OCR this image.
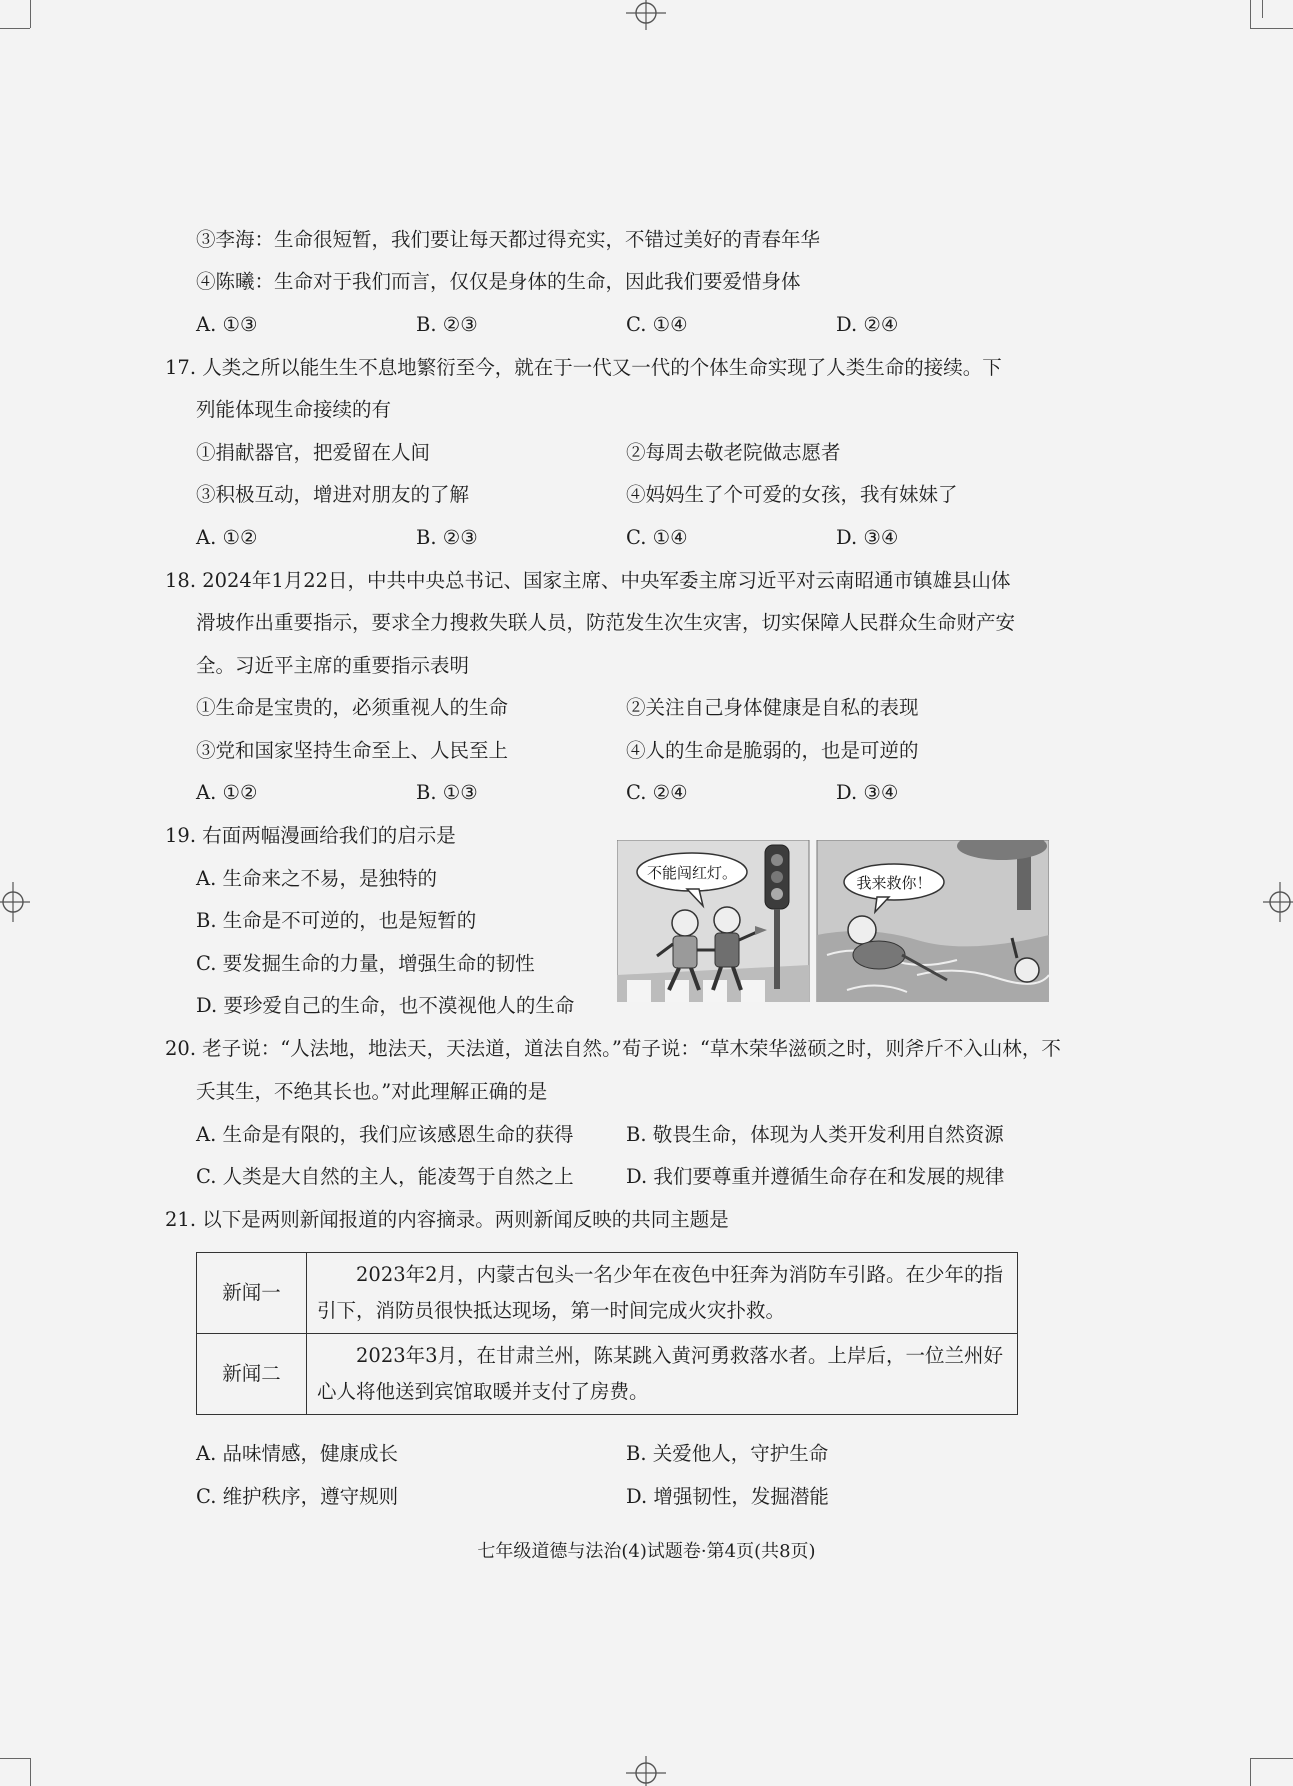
③李海：生命很短暂，我们要让每天都过得充实，不错过美好的青春年华
④陈曦：生命对于我们而言，仅仅是身体的生命，因此我们要爱惜身体
A. ①③	B. ②③	C. ①④	D. ②④
17. 人类之所以能生生不息地繁衍至今，就在于一代又一代的个体生命实现了人类生命的接续。下
列能体现生命接续的有
①捐献器官，把爱留在人间	②每周去敬老院做志愿者
③积极互动，增进对朋友的了解	④妈妈生了个可爱的女孩，我有妹妹了
A. ①②	B. ②③	C. ①④	D. ③④
18. 2024年1月22日，中共中央总书记、国家主席、中央军委主席习近平对云南昭通市镇雄县山体
滑坡作出重要指示，要求全力搜救失联人员，防范发生次生灾害，切实保障人民群众生命财产安
全。习近平主席的重要指示表明
①生命是宝贵的，必须重视人的生命	②关注自己身体健康是自私的表现
③党和国家坚持生命至上、人民至上	④人的生命是脆弱的，也是可逆的
A. ①②	B. ①③	C. ②④	D. ③④
19. 右面两幅漫画给我们的启示是
A. 生命来之不易，是独特的
B. 生命是不可逆的，也是短暂的
C. 要发掘生命的力量，增强生命的韧性
D. 要珍爱自己的生命，也不漠视他人的生命
不能闯红灯。
我来救你！
20. 老子说：“人法地，地法天，天法道，道法自然。”荀子说：“草木荣华滋硕之时，则斧斤不入山林，不
夭其生，不绝其长也。”对此理解正确的是
A. 生命是有限的，我们应该感恩生命的获得	B. 敬畏生命，体现为人类开发利用自然资源
C. 人类是大自然的主人，能凌驾于自然之上	D. 我们要尊重并遵循生命存在和发展的规律
21. 以下是两则新闻报道的内容摘录。两则新闻反映的共同主题是
新闻一	2023年2月，内蒙古包头一名少年在夜色中狂奔为消防车引路。在少年的指引下，消防员很快抵达现场，第一时间完成火灾扑救。
新闻二	2023年3月，在甘肃兰州，陈某跳入黄河勇救落水者。上岸后，一位兰州好心人将他送到宾馆取暖并支付了房费。
A. 品味情感，健康成长	B. 关爱他人，守护生命
C. 维护秩序，遵守规则	D. 增强韧性，发掘潜能
七年级道德与法治(4)试题卷·第4页(共8页)
